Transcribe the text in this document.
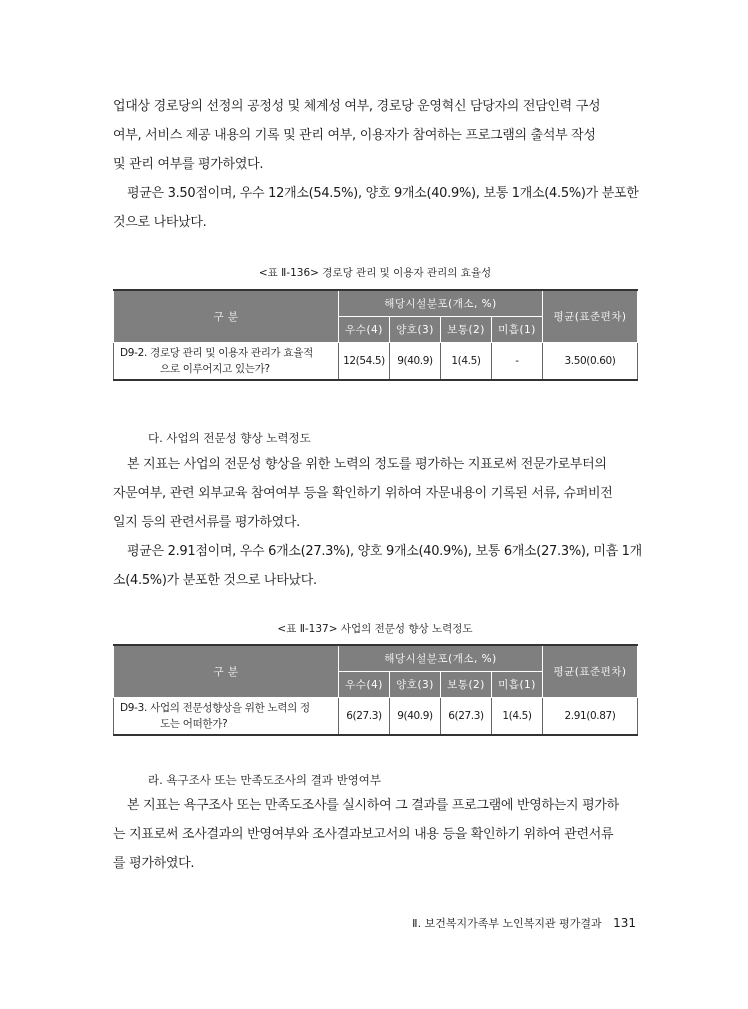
업대상 경로당의 선정의 공정성 및 체계성 여부, 경로당 운영혁신 담당자의 전담인력 구성
여부, 서비스 제공 내용의 기록 및 관리 여부, 이용자가 참여하는 프로그램의 출석부 작성
및 관리 여부를 평가하였다.
평균은 3.50점이며, 우수 12개소(54.5%), 양호 9개소(40.9%), 보통 1개소(4.5%)가 분포한
것으로 나타났다.

<표 Ⅱ-136> 경로당 관리 및 이용자 관리의 효율성

구 분	해당시설분포(개소, %)				평균(표준편차)
	우수(4)	양호(3)	보통(2)	미흡(1)	
D9-2. 경로당 관리 및 이용자 관리가 효율적
으로 이루어지고 있는가?	12(54.5)	9(40.9)	1(4.5)	-	3.50(0.60)

다. 사업의 전문성 향상 노력정도

본 지표는 사업의 전문성 향상을 위한 노력의 정도를 평가하는 지표로써 전문가로부터의
자문여부, 관련 외부교육 참여여부 등을 확인하기 위하여 자문내용이 기록된 서류, 슈퍼비전
일지 등의 관련서류를 평가하였다.
평균은 2.91점이며, 우수 6개소(27.3%), 양호 9개소(40.9%), 보통 6개소(27.3%), 미흡 1개
소(4.5%)가 분포한 것으로 나타났다.

<표 Ⅱ-137> 사업의 전문성 향상 노력정도

구 분	해당시설분포(개소, %)				평균(표준편차)
	우수(4)	양호(3)	보통(2)	미흡(1)	
D9-3. 사업의 전문성향상을 위한 노력의 정
도는 어떠한가?	6(27.3)	9(40.9)	6(27.3)	1(4.5)	2.91(0.87)

라. 욕구조사 또는 만족도조사의 결과 반영여부

본 지표는 욕구조사 또는 만족도조사를 실시하여 그 결과를 프로그램에 반영하는지 평가하
는 지표로써 조사결과의 반영여부와 조사결과보고서의 내용 등을 확인하기 위하여 관련서류
를 평가하였다.

Ⅱ. 보건복지가족부 노인복지관 평가결과 131
